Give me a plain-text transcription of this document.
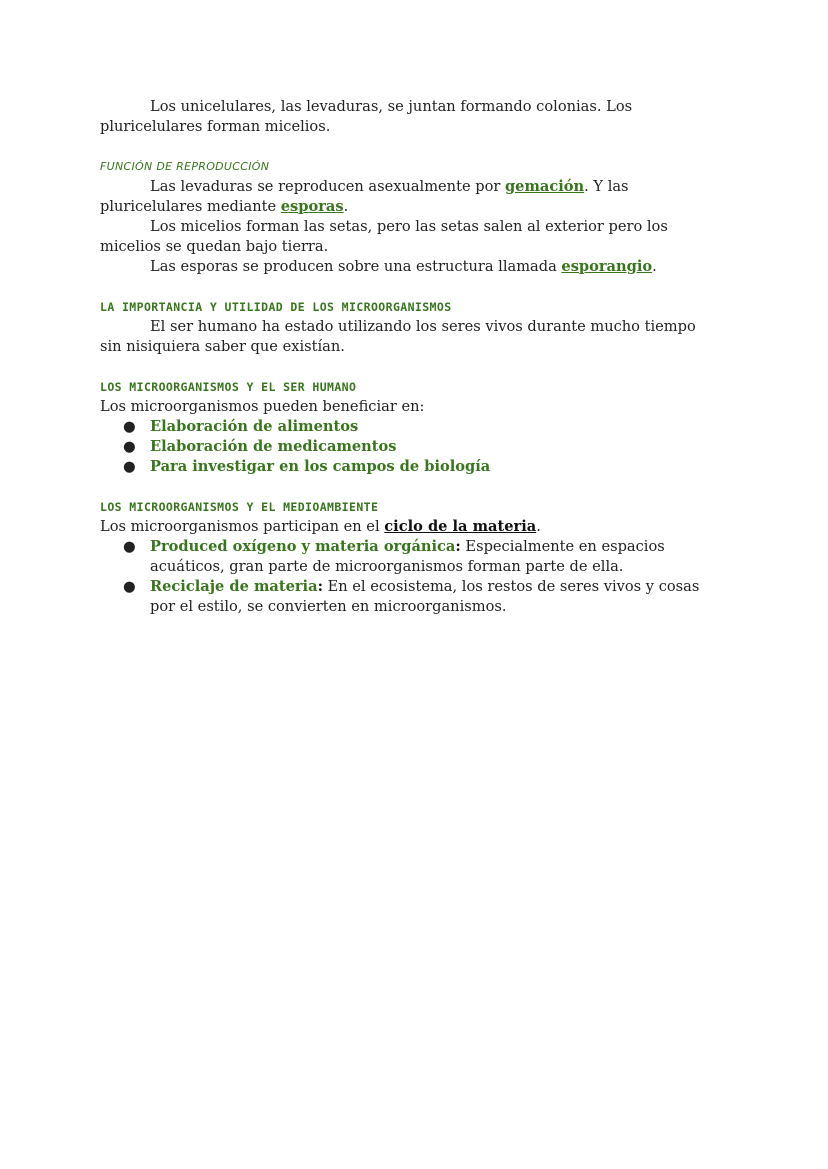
Los unicelulares, las levaduras, se juntan formando colonias. Los pluricelulares forman micelios.

FUNCIÓN DE REPRODUCCIÓN

Las levaduras se reproducen asexualmente por gemación. Y las pluricelulares mediante esporas.

Los micelios forman las setas, pero las setas salen al exterior pero los micelios se quedan bajo tierra.

Las esporas se producen sobre una estructura llamada esporangio.

LA IMPORTANCIA Y UTILIDAD DE LOS MICROORGANISMOS

El ser humano ha estado utilizando los seres vivos durante mucho tiempo sin nisiquiera saber que existían.

LOS MICROORGANISMOS Y EL SER HUMANO

Los microorganismos pueden beneficiar en:

● Elaboración de alimentos
● Elaboración de medicamentos
● Para investigar en los campos de biología
LOS MICROORGANISMOS Y EL MEDIOAMBIENTE

Los microorganismos participan en el ciclo de la materia.

● Produced oxígeno y materia orgánica: Especialmente en espacios acuáticos, gran parte de microorganismos forman parte de ella.
● Reciclaje de materia: En el ecosistema, los restos de seres vivos y cosas por el estilo, se convierten en microorganismos.
